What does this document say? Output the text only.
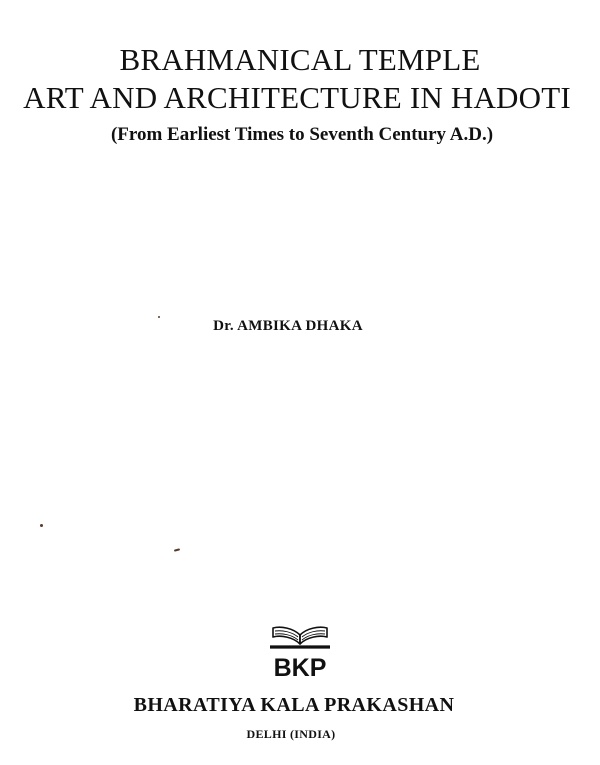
BRAHMANICAL TEMPLE
ART AND ARCHITECTURE IN HADOTI
(From Earliest Times to Seventh Century A.D.)
Dr. AMBIKA DHAKA
BKP
BHARATIYA KALA PRAKASHAN
DELHI (INDIA)
